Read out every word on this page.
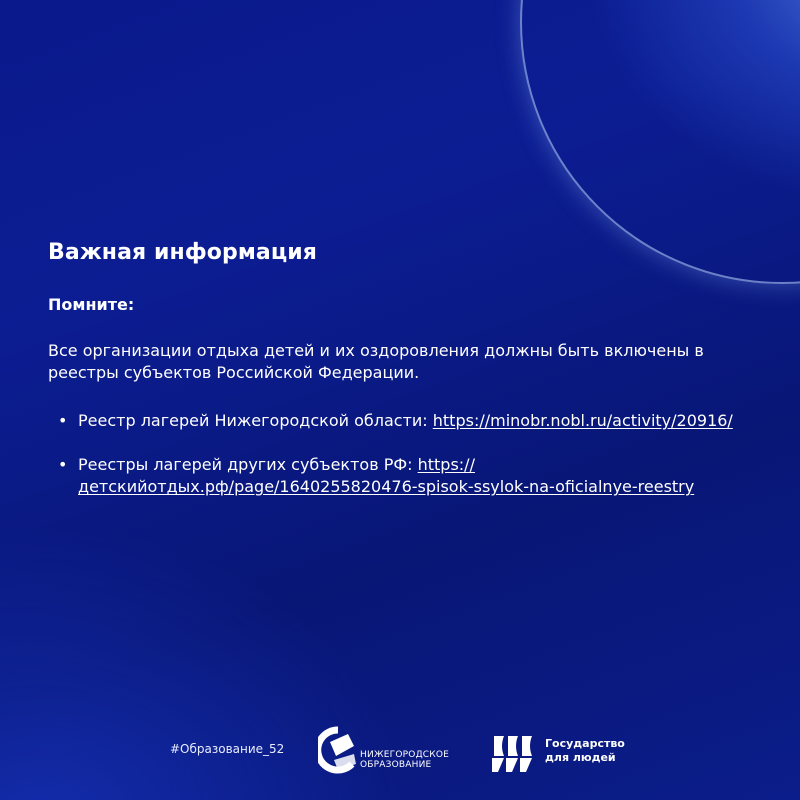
Важная информация
Помните:
Все организации отдыха детей и их оздоровления должны быть включены в реестры субъектов Российской Федерации.
• Реестр лагерей Нижегородской области: https://minobr.nobl.ru/activity/20916/
• Реестры лагерей других субъектов РФ: https://детскийотдых.рф/page/1640255820476-spisok-ssylok-na-oficialnye-reestry
#Образование_52	НИЖЕГОРОДСКОЕ
ОБРАЗОВАНИЕ
Государство
для людей
